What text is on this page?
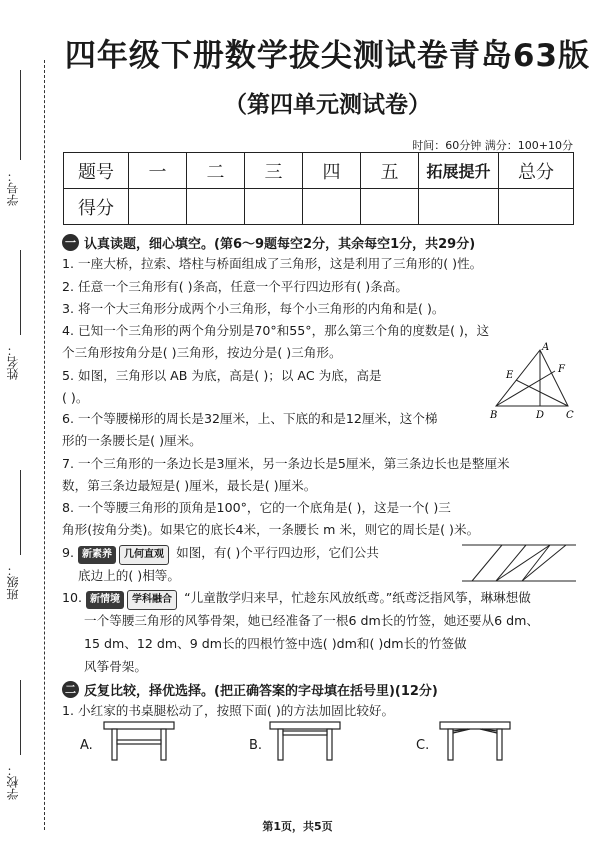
学号：
姓名：
班级：
学校：
四年级下册数学拔尖测试卷青岛63版
（第四单元测试卷）
时间：60分钟 满分：100+10分
题号	一	二	三	四	五	拓展提升	总分
得分							
一 认真读题，细心填空。(第6～9题每空2分，其余每空1分，共29分)
1. 一座大桥，拉索、塔柱与桥面组成了三角形，这是利用了三角形的( )性。
2. 任意一个三角形有( )条高，任意一个平行四边形有( )条高。
3. 将一个大三角形分成两个小三角形，每个小三角形的内角和是( )。
4. 已知一个三角形的两个角分别是70°和55°，那么第三个角的度数是( )，这
个三角形按角分是( )三角形，按边分是( )三角形。
5. 如图，三角形以 AB 为底，高是( )；以 AC 为底，高是
( )。
6. 一个等腰梯形的周长是32厘米，上、下底的和是12厘米，这个梯
形的一条腰长是( )厘米。
7. 一个三角形的一条边长是3厘米，另一条边长是5厘米，第三条边长也是整厘米
数，第三条边最短是( )厘米，最长是( )厘米。
8. 一个等腰三角形的顶角是100°，它的一个底角是( )，这是一个( )三
角形(按角分类)。如果它的底长4米，一条腰长 m 米，则它的周长是( )米。
A
E
F
B	D C
9. 新素养 几何直观 如图，有( )个平行四边形，它们公共
底边上的( )相等。
10. 新情境 学科融合 “儿童散学归来早，忙趁东风放纸鸢。”纸鸢泛指风筝，琳琳想做
一个等腰三角形的风筝骨架，她已经准备了一根6 dm长的竹签，她还要从6 dm、
15 dm、12 dm、9 dm长的四根竹签中选( )dm和( )dm长的竹签做
风筝骨架。
二 反复比较，择优选择。(把正确答案的字母填在括号里)(12分)
1. 小红家的书桌腿松动了，按照下面( )的方法加固比较好。
A.	B.	C.
第1页，共5页
